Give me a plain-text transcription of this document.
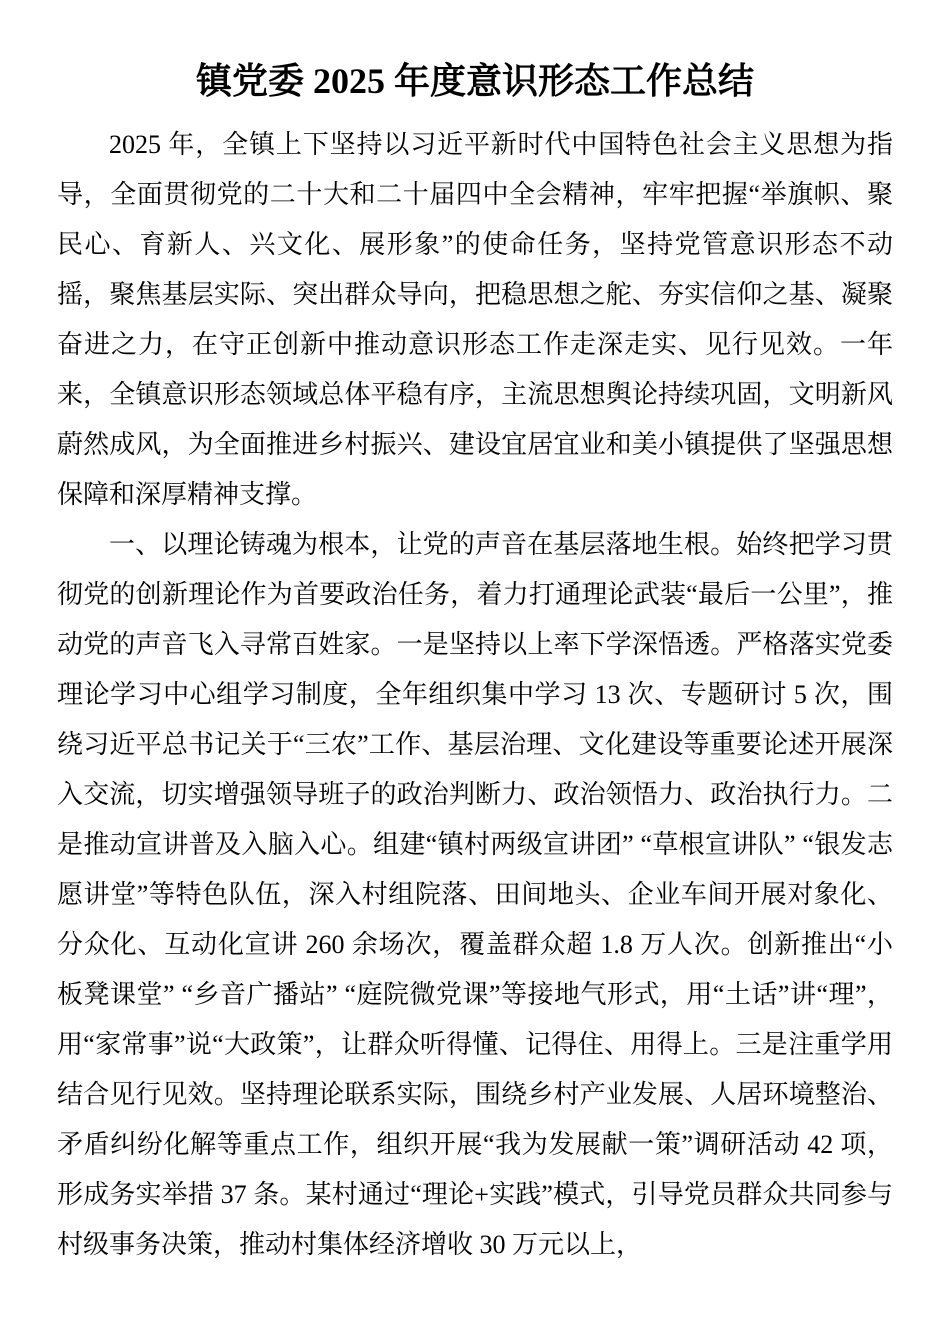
镇党委 2025 年度意识形态工作总结

2025 年，全镇上下坚持以习近平新时代中国特色社会主义思想为指导，全面贯彻党的二十大和二十届四中全会精神，牢牢把握“举旗帜、聚民心、育新人、兴文化、展形象”的使命任务，坚持党管意识形态不动摇，聚焦基层实际、突出群众导向，把稳思想之舵、夯实信仰之基、凝聚奋进之力，在守正创新中推动意识形态工作走深走实、见行见效。一年来，全镇意识形态领域总体平稳有序，主流思想舆论持续巩固，文明新风蔚然成风，为全面推进乡村振兴、建设宜居宜业和美小镇提供了坚强思想保障和深厚精神支撑。

一、以理论铸魂为根本，让党的声音在基层落地生根。始终把学习贯彻党的创新理论作为首要政治任务，着力打通理论武装“最后一公里”，推动党的声音飞入寻常百姓家。一是坚持以上率下学深悟透。严格落实党委理论学习中心组学习制度，全年组织集中学习 13 次、专题研讨 5 次，围绕习近平总书记关于“三农”工作、基层治理、文化建设等重要论述开展深入交流，切实增强领导班子的政治判断力、政治领悟力、政治执行力。二是推动宣讲普及入脑入心。组建“镇村两级宣讲团” “草根宣讲队” “银发志愿讲堂”等特色队伍，深入村组院落、田间地头、企业车间开展对象化、分众化、互动化宣讲 260 余场次，覆盖群众超 1.8 万人次。创新推出“小板凳课堂” “乡音广播站” “庭院微党课”等接地气形式，用“土话”讲“理”，用“家常事”说“大政策”，让群众听得懂、记得住、用得上。三是注重学用结合见行见效。坚持理论联系实际，围绕乡村产业发展、人居环境整治、矛盾纠纷化解等重点工作，组织开展“我为发展献一策”调研活动 42 项，形成务实举措 37 条。某村通过“理论+实践”模式，引导党员群众共同参与村级事务决策，推动村集体经济增收 30 万元以上，
